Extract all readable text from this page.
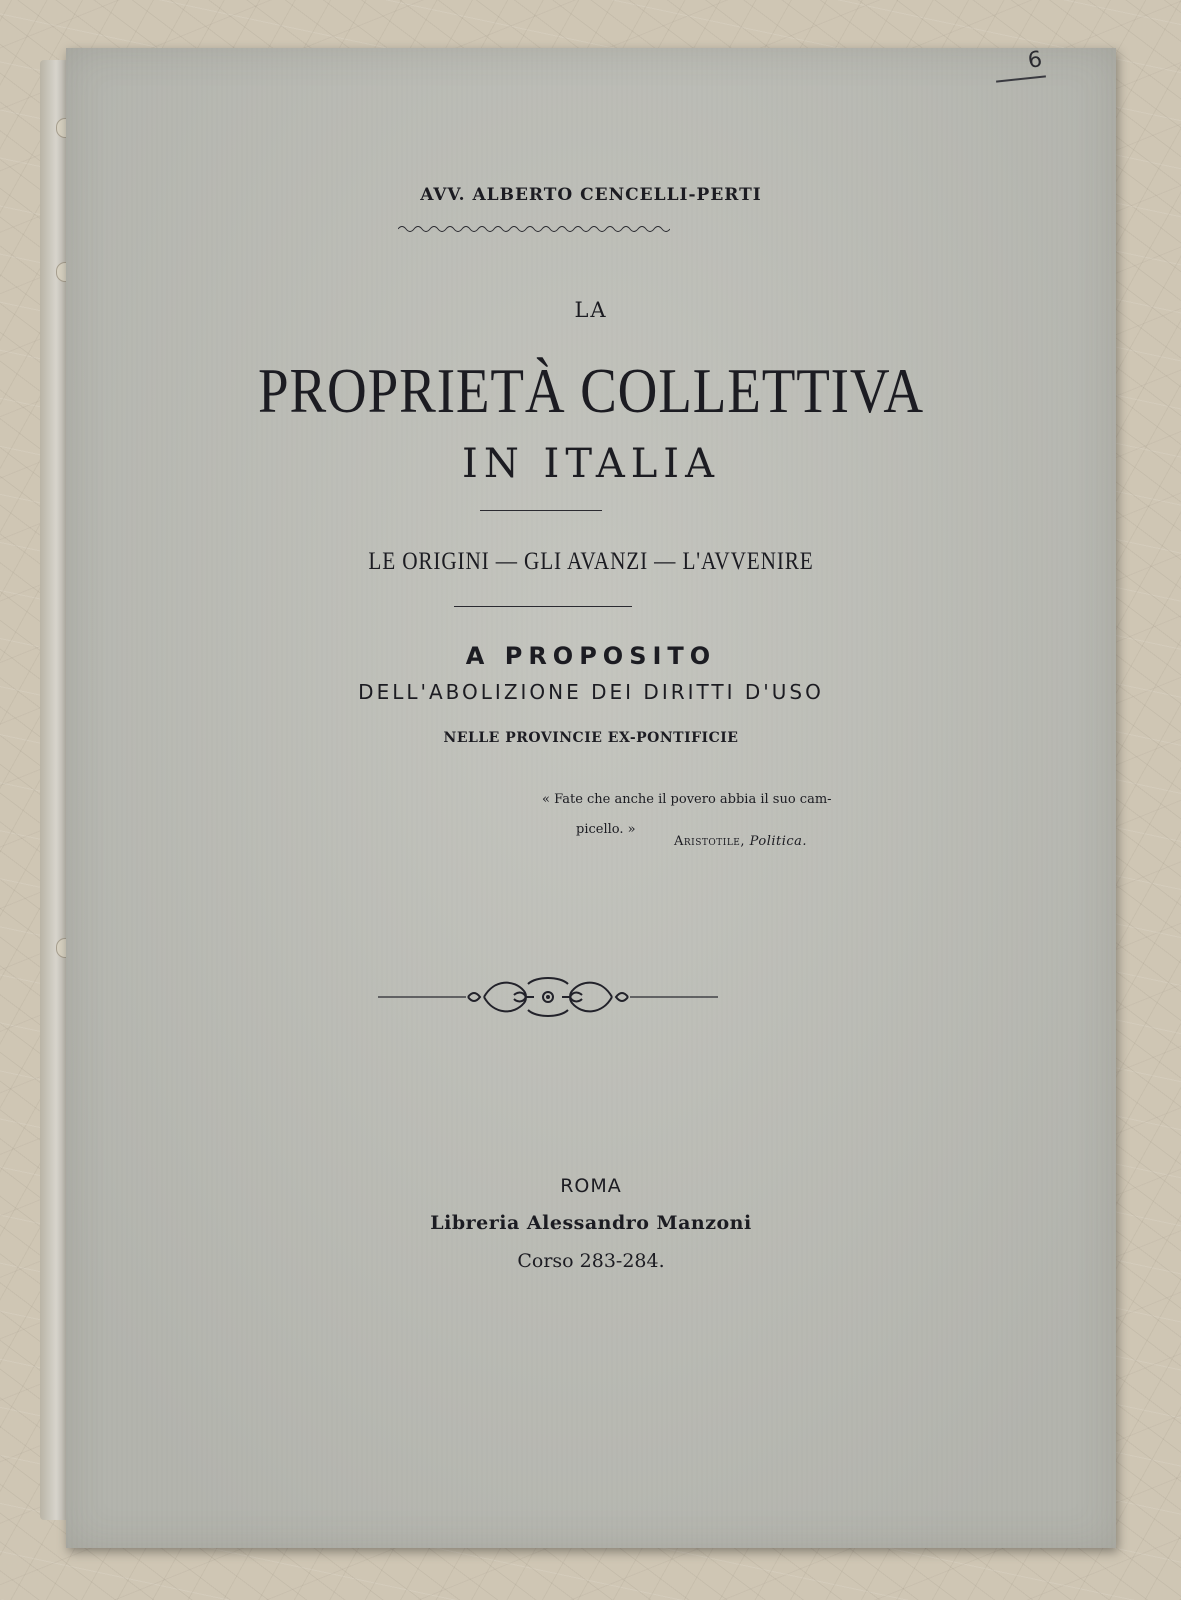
6
AVV. ALBERTO CENCELLI-PERTI
LA
PROPRIETÀ COLLETTIVA
IN ITALIA
LE ORIGINI — GLI AVANZI — L'AVVENIRE
A PROPOSITO
DELL'ABOLIZIONE DEI DIRITTI D'USO
NELLE PROVINCIE EX-PONTIFICIE
« Fate che anche il povero abbia il suo cam-
picello. »
Aristotile, Politica.
ROMA
Libreria Alessandro Manzoni
Corso 283-284.
